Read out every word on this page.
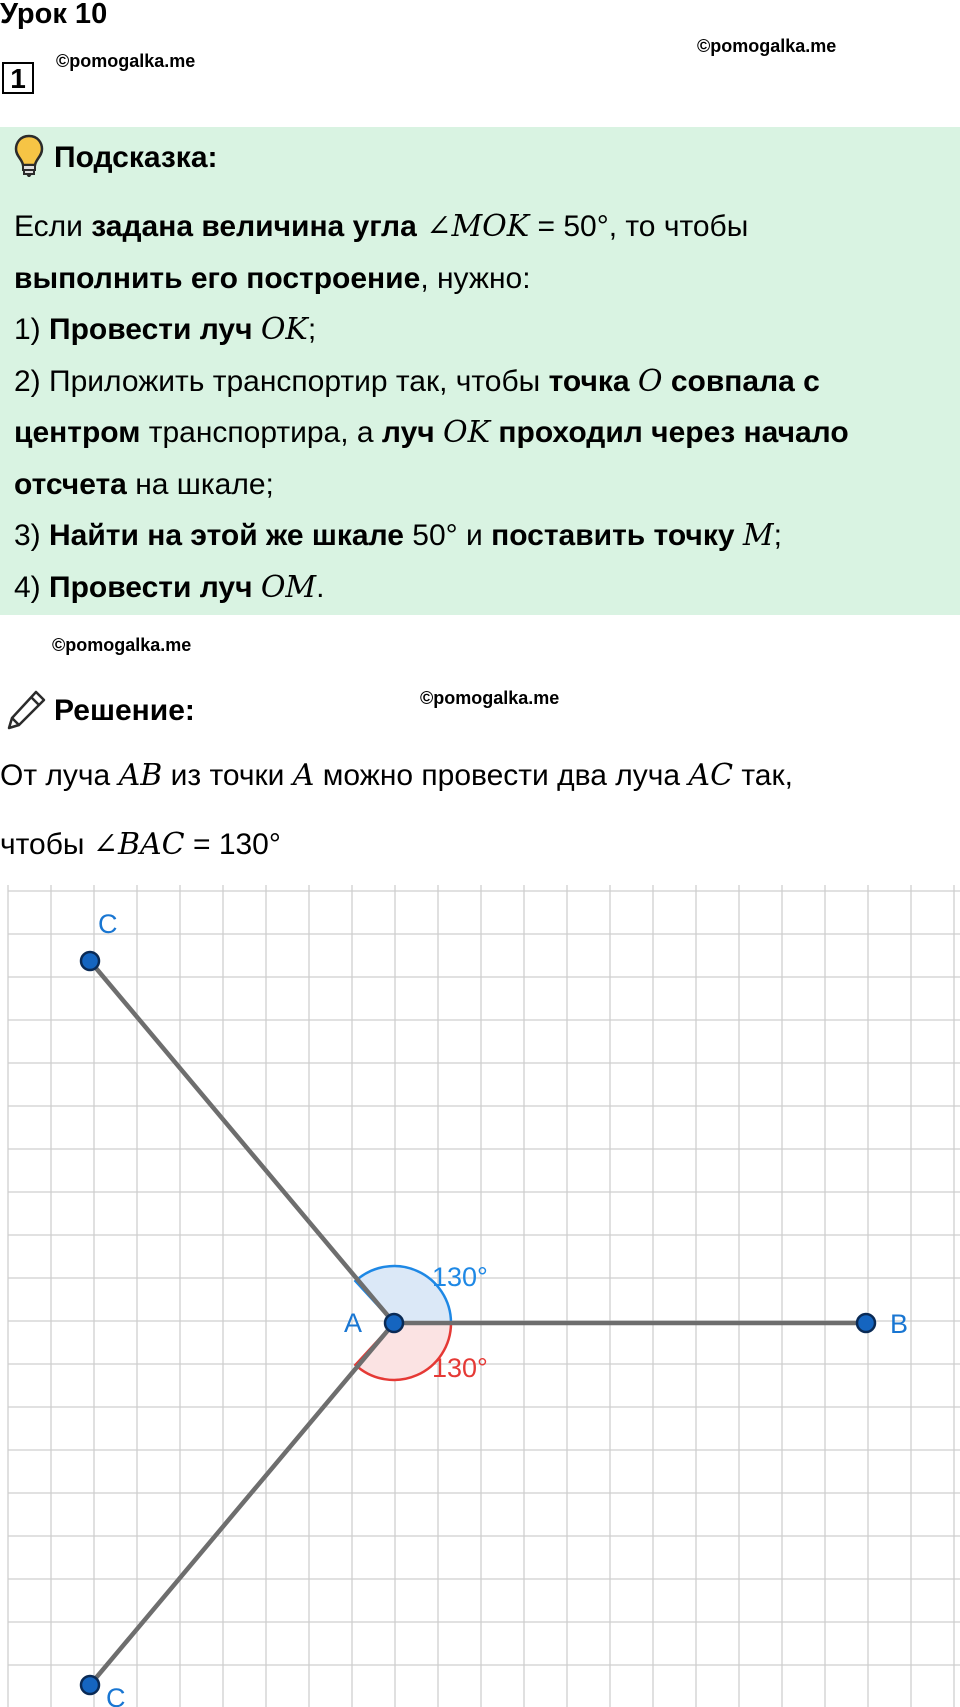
Урок 10
©pomogalka.me
1
©pomogalka.me
Подсказка:
Если задана величина угла ∠MOK = 50°, то чтобы
выполнить его построение, нужно:
1) Провести луч OK;
2) Приложить транспортир так, чтобы точка O совпала с
центром транспортира, а луч OK проходил через начало
отсчета на шкале;
3) Найти на этой же шкале 50° и поставить точку M;
4) Провести луч OM.
©pomogalka.me
©pomogalka.me
Решение:
От луча AB из точки A можно провести два луча AC так,
чтобы ∠BAC = 130°
C
A	B
C
130°
130°
